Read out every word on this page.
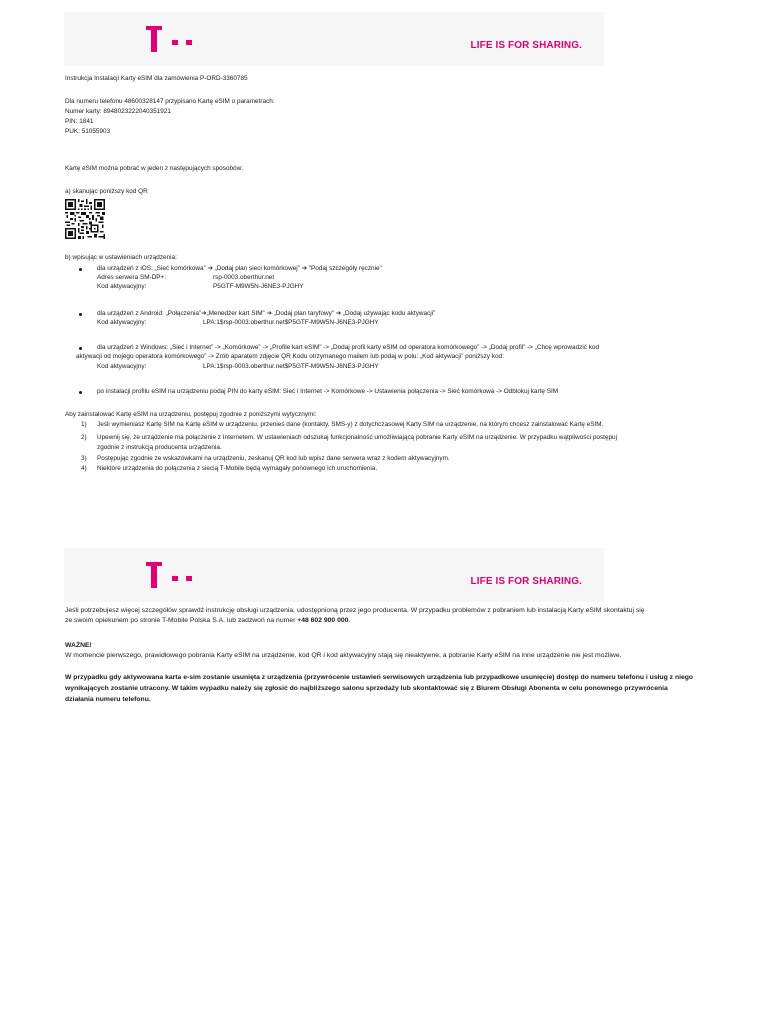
LIFE IS FOR SHARING.
Instrukcja Instalacji Karty eSIM dla zamówienia P-ORD-3360785
Dla numeru telefonu 48600328147 przypisano Kartę eSIM o parametrach:
Numer karty: 8948023222040351921
PIN: 1841
PUK: 51055903
Kartę eSIM można pobrać w jeden z następujących sposobów:
a) skanując poniższy kod QR
b) wpisując w ustawieniach urządzenia:
dla urządzeń z iOS: „Sieć komórkowa” ➔ „Dodaj plan sieci komórkowej” ➔ "Podaj szczegóły ręcznie"
Adres serwera SM-DP+:	rsp-0003.oberthur.net
Kod aktywacyjny:	P5GTF-M9W5N-J6NE3-PJGHY
dla urządzeń z Android: „Połączenia”➔„Menedżer kart SIM” ➔ „Dodaj plan taryfowy” ➔ „Dodaj używając kodu aktywacji”
Kod aktywacyjny:	LPA:1$rsp-0003.oberthur.net$P5GTF-M9W5N-J6NE3-PJGHY
dla urządzeń z Windows: „Sieć i Internet” -> „Komórkowe” -> „Profile kart eSIM” -> „Dodaj profil karty eSIM od operatora komórkowego” -> „Dodaj profil” -> „Chcę wprowadzić kod
aktywacji od mojego operatora komórkowego” -> Zrób aparatem zdjęcie QR Kodu otrzymanego mailem lub podaj w polu: „Kod aktywacji” poniższy kod:
Kod aktywacyjny:	LPA:1$rsp-0003.oberthur.net$P5GTF-M9W5N-J6NE3-PJGHY
po instalacji profilu eSIM na urządzeniu podaj PIN do karty eSIM: Sieć i Internet -> Komórkowe -> Ustawienia połączenia -> Sieć komórkowa -> Odblokuj kartę SIM
Aby zainstalować Kartę eSIM na urządzeniu, postępuj zgodnie z poniższymi wytycznymi:
1) Jeśli wymieniasz Kartę SIM na Kartę eSIM w urządzeniu, przenieś dane (kontakty, SMS-y) z dotychczasowej Karty SIM na urządzenie, na którym chcesz zainstalować Kartę eSIM.
2) Upewnij się, że urządzenie ma połączenie z Internetem. W ustawieniach odszukaj funkcjonalność umożliwiającą pobranie Karty eSIM na urządzenie. W przypadku wątpliwości postępuj
zgodnie z instrukcją producenta urządzenia.
3) Postępując zgodnie ze wskazówkami na urządzeniu, zeskanuj QR kod lub wpisz dane serwera wraz z kodem aktywacyjnym.
4) Niektóre urządzenia do połączenia z siecią T-Mobile będą wymagały ponownego ich uruchomienia.
LIFE IS FOR SHARING.
Jeśli potrzebujesz więcej szczegółów sprawdź instrukcję obsługi urządzenia, udostępnioną przez jego producenta. W przypadku problemów z pobraniem lub instalacją Karty eSIM skontaktuj się
ze swoim opiekunem po stronie T-Mobile Polska S.A. lub zadzwoń na numer +48 602 900 000.
WAŻNE!
W momencie pierwszego, prawidłowego pobrania Karty eSIM na urządzenie, kod QR i kod aktywacyjny stają się nieaktywne, a pobranie Karty eSIM na inne urządzenie nie jest możliwe.
W przypadku gdy aktywowana karta e-sim zostanie usunięta z urządzenia (przywrócenie ustawień serwisowych urządzenia lub przypadkowe usunięcie) dostęp do numeru telefonu i usług z niego
wynikających zostanie utracony. W takim wypadku należy się zgłosić do najbliższego salonu sprzedaży lub skontaktować się z Biurem Obsługi Abonenta w celu ponownego przywrócenia
działania numeru telefonu.
